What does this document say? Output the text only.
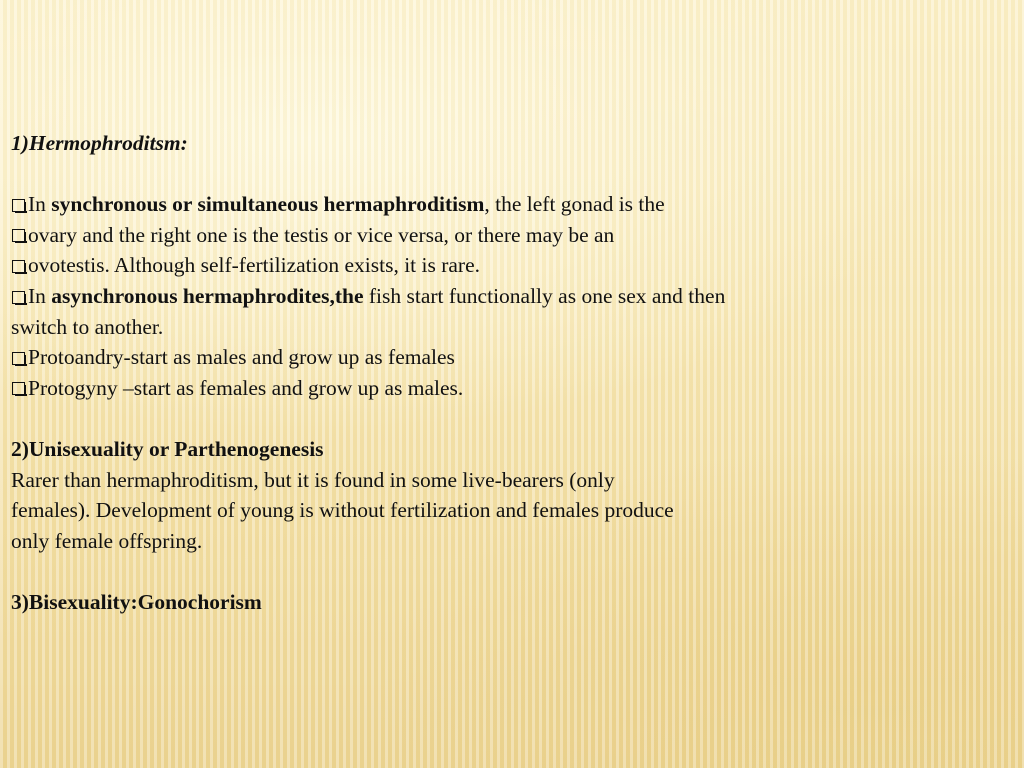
1)Hermophroditsm:
In synchronous or simultaneous hermaphroditism, the left gonad is the
ovary and the right one is the testis or vice versa, or there may be an
ovotestis. Although self-fertilization exists, it is rare.
In asynchronous hermaphrodites,the fish start functionally as one sex and then
switch to another.
Protoandry-start as males and grow up as females
Protogyny –start as females and grow up as males.
2)Unisexuality or Parthenogenesis
Rarer than hermaphroditism, but it is found in some live-bearers (only
females). Development of young is without fertilization and females produce
only female offspring.
3)Bisexuality:Gonochorism
